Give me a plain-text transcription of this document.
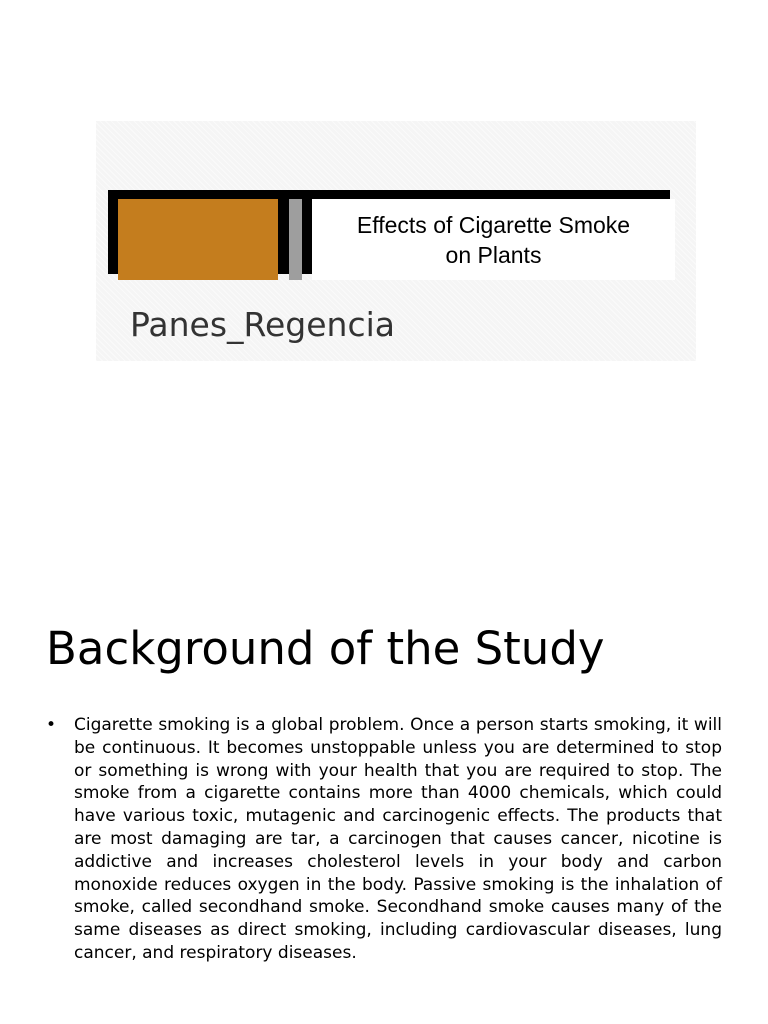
Effects of Cigarette Smoke
on Plants
Panes_Regencia
Background of the Study
• Cigarette smoking is a global problem. Once a person starts smoking, it will be continuous. It becomes unstoppable unless you are determined to stop or something is wrong with your health that you are required to stop. The smoke from a cigarette contains more than 4000 chemicals, which could have various toxic, mutagenic and carcinogenic effects. The products that are most damaging are tar, a carcinogen that causes cancer, nicotine is addictive and increases cholesterol levels in your body and carbon monoxide reduces oxygen in the body. Passive smoking is the inhalation of smoke, called secondhand smoke. Secondhand smoke causes many of the same diseases as direct smoking, including cardiovascular diseases, lung cancer, and respiratory diseases.
